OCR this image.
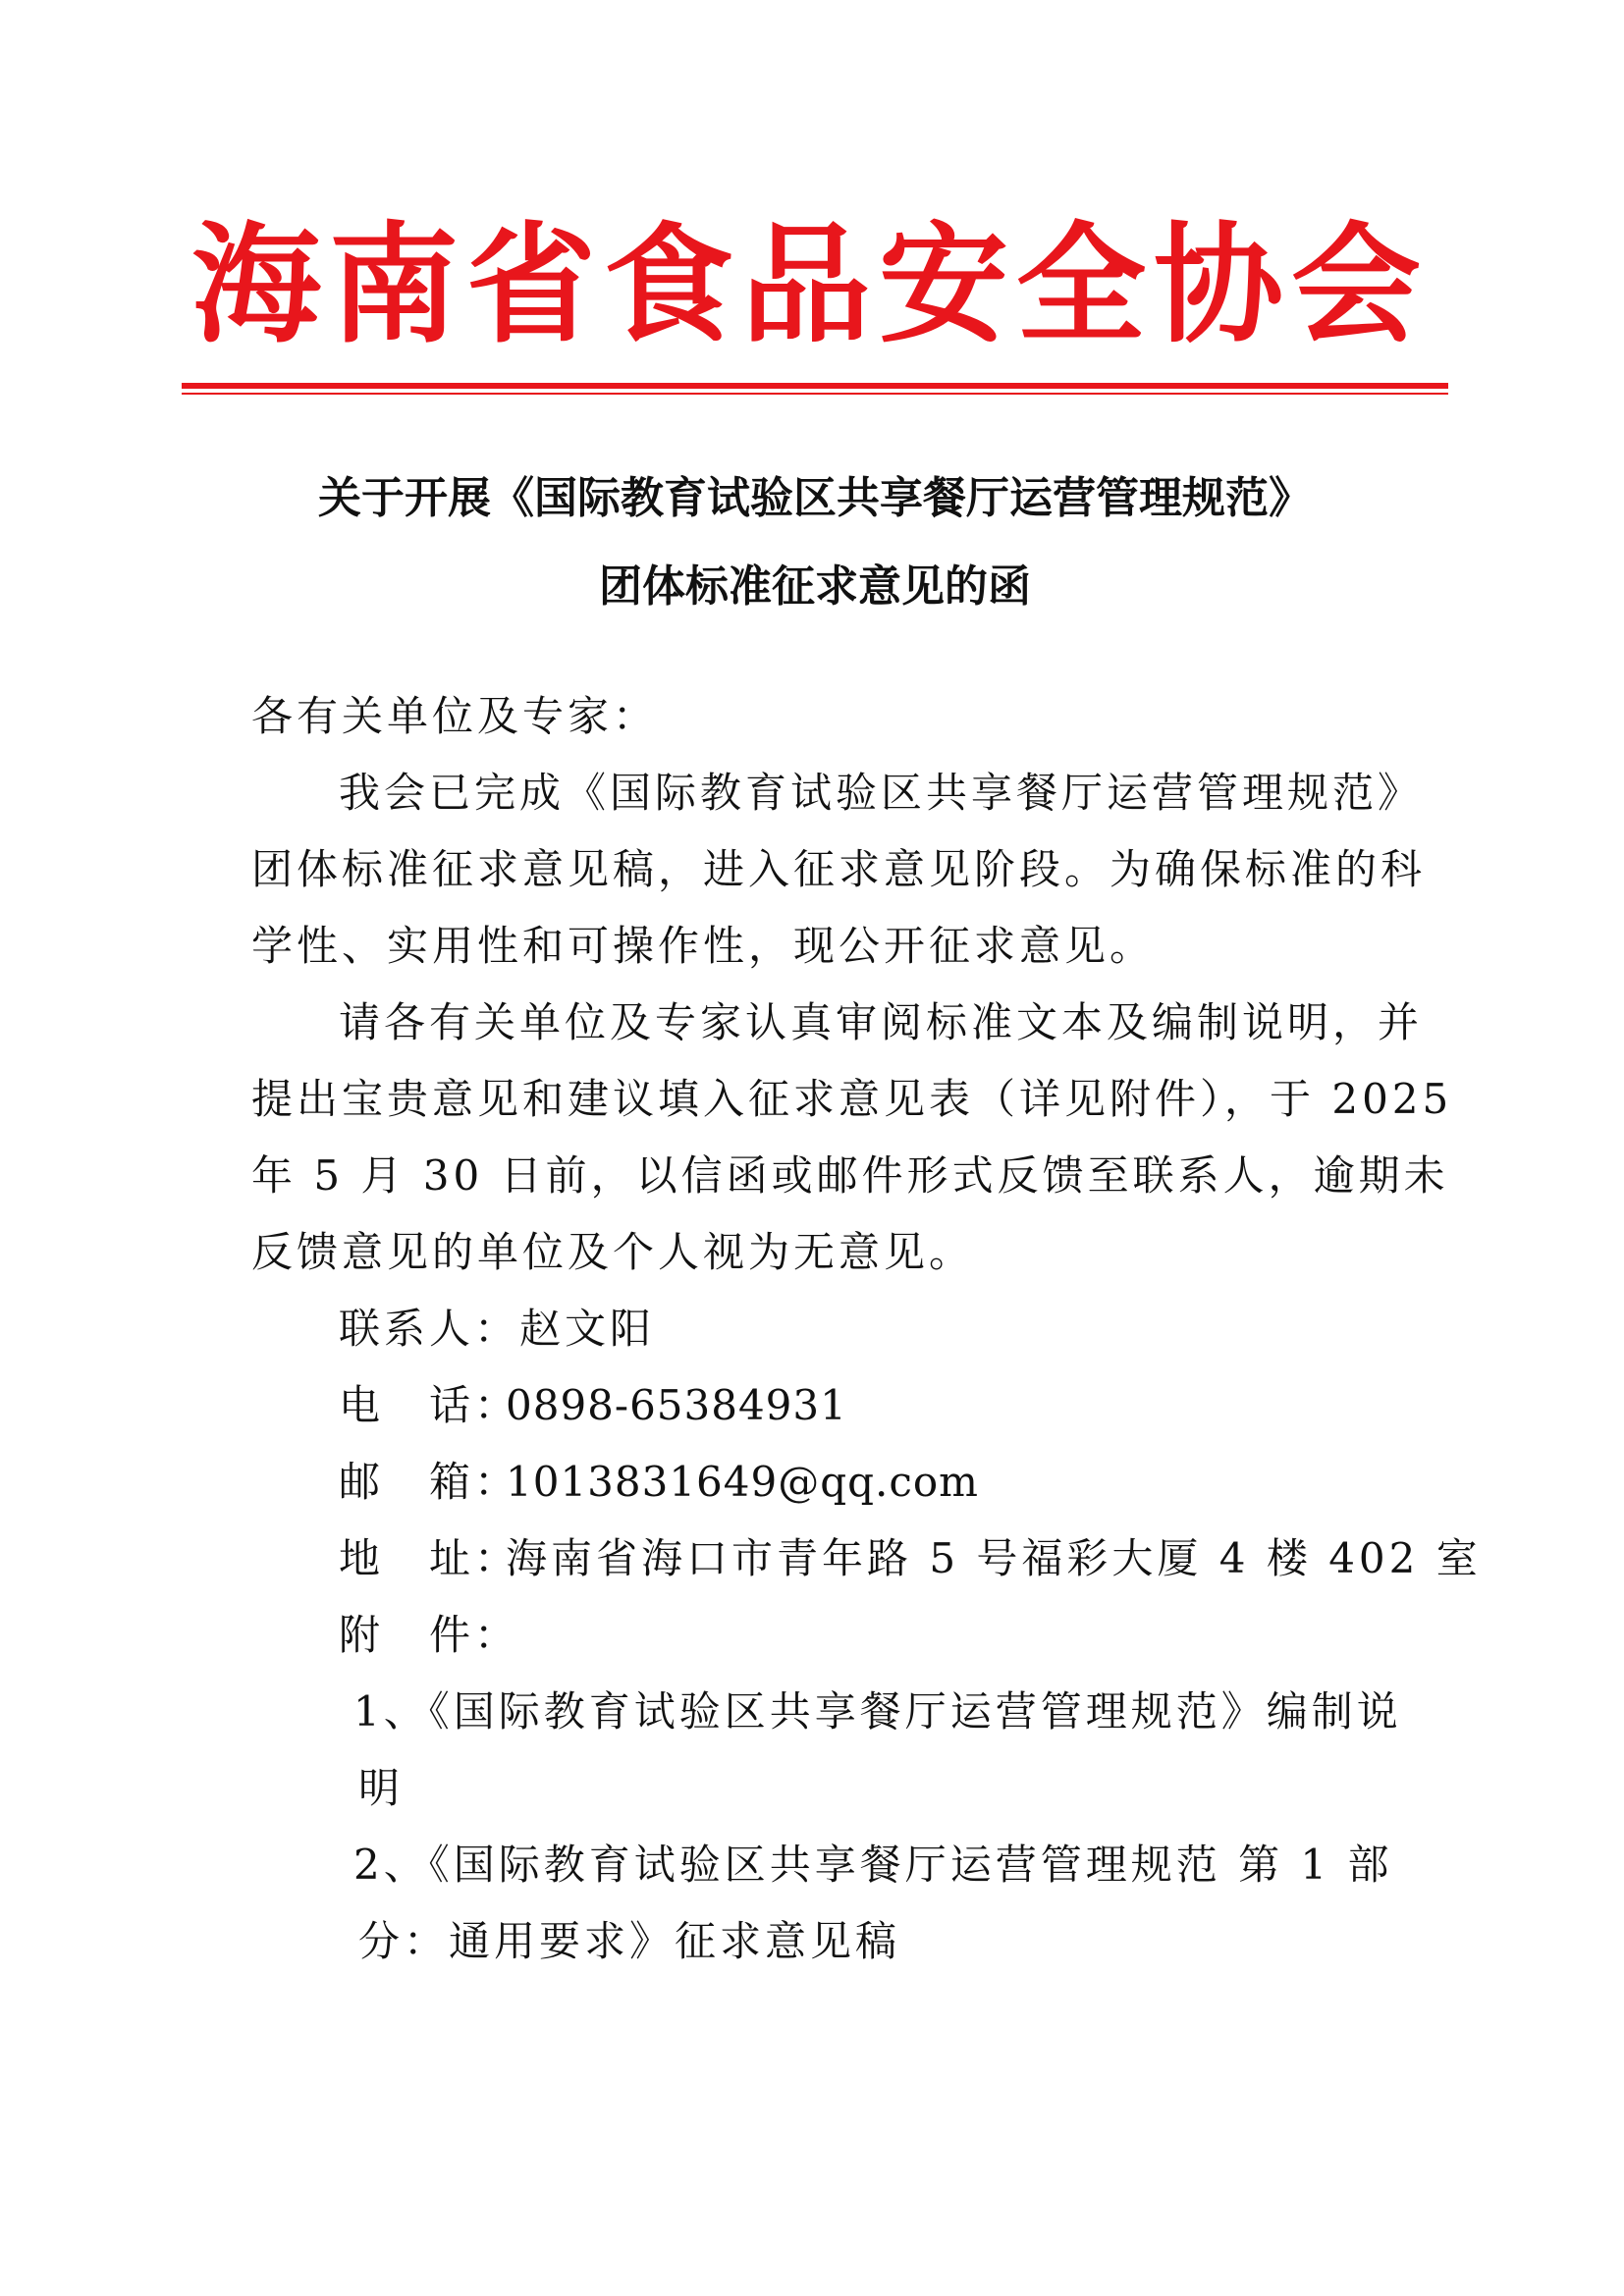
海南省食品安全协会
关于开展《国际教育试验区共享餐厅运营管理规范》
团体标准征求意见的函
各有关单位及专家：
我会已完成《国际教育试验区共享餐厅运营管理规范》
团体标准征求意见稿，进入征求意见阶段。为确保标准的科
学性、实用性和可操作性，现公开征求意见。
请各有关单位及专家认真审阅标准文本及编制说明，并
提出宝贵意见和建议填入征求意见表（详见附件），于 2025
年 5 月 30 日前，以信函或邮件形式反馈至联系人，逾期未
反馈意见的单位及个人视为无意见。
联系人：赵文阳
电　话：0898-65384931
邮　箱：1013831649@qq.com
地　址：海南省海口市青年路 5 号福彩大厦 4 楼 402 室
附　件：
1、《国际教育试验区共享餐厅运营管理规范》编制说
明
2、《国际教育试验区共享餐厅运营管理规范 第 1 部
分：通用要求》征求意见稿
